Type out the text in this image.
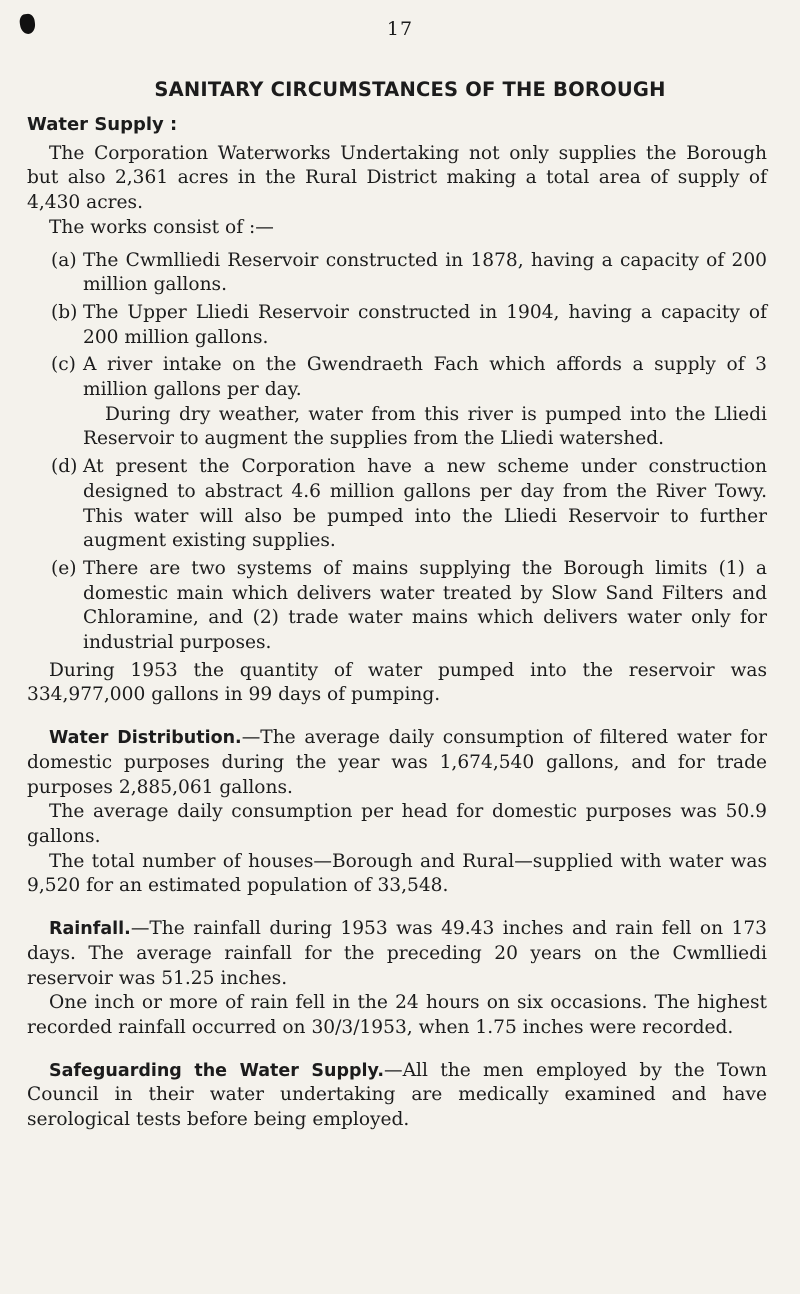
17
SANITARY CIRCUMSTANCES OF THE BOROUGH
Water Supply :

The Corporation Waterworks Undertaking not only supplies the Borough but also 2,361 acres in the Rural District making a total area of supply of 4,430 acres.

The works consist of :—

(a) The Cwmlliedi Reservoir constructed in 1878, having a capacity of 200 million gallons.

(b) The Upper Lliedi Reservoir constructed in 1904, having a capacity of 200 million gallons.

(c) A river intake on the Gwendraeth Fach which affords a supply of 3 million gallons per day.

During dry weather, water from this river is pumped into the Lliedi Reservoir to augment the supplies from the Lliedi watershed.

(d) At present the Corporation have a new scheme under construction designed to abstract 4.6 million gallons per day from the River Towy. This water will also be pumped into the Lliedi Reservoir to further augment existing supplies.

(e) There are two systems of mains supplying the Borough limits (1) a domestic main which delivers water treated by Slow Sand Filters and Chloramine, and (2) trade water mains which delivers water only for industrial purposes.

During 1953 the quantity of water pumped into the reservoir was 334,977,000 gallons in 99 days of pumping.

Water Distribution.—The average daily consumption of filtered water for domestic purposes during the year was 1,674,540 gallons, and for trade purposes 2,885,061 gallons.

The average daily consumption per head for domestic purposes was 50.9 gallons.

The total number of houses—Borough and Rural—supplied with water was 9,520 for an estimated population of 33,548.

Rainfall.—The rainfall during 1953 was 49.43 inches and rain fell on 173 days. The average rainfall for the preceding 20 years on the Cwmlliedi reservoir was 51.25 inches.

One inch or more of rain fell in the 24 hours on six occasions. The highest recorded rainfall occurred on 30/3/1953, when 1.75 inches were recorded.

Safeguarding the Water Supply.—All the men employed by the Town Council in their water undertaking are medically examined and have serological tests before being employed.
